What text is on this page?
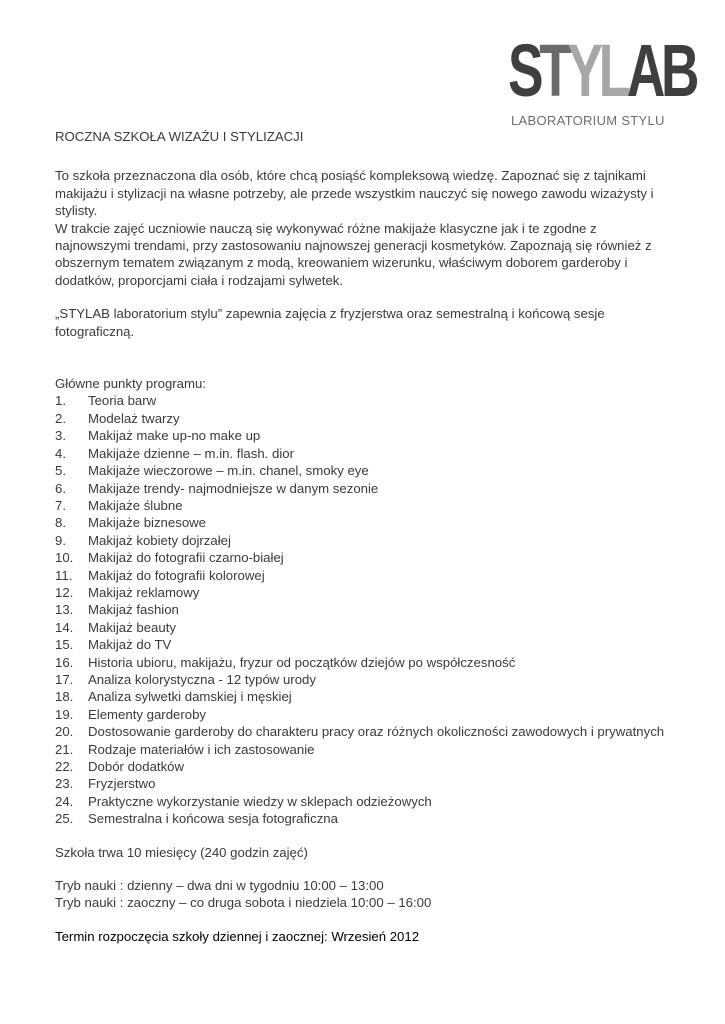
STYLAB
LABORATORIUM STYLU
ROCZNA SZKOŁA WIZAŻU I STYLIZACJI

To szkoła przeznaczona dla osób, które chcą posiąść kompleksową wiedzę. Zapoznać się z tajnikami makijażu i stylizacji na własne potrzeby, ale przede wszystkim nauczyć się nowego zawodu wizażysty i stylisty.

W trakcie zajęć uczniowie nauczą się wykonywać różne makijaże klasyczne jak i te zgodne z najnowszymi trendami, przy zastosowaniu najnowszej generacji kosmetyków. Zapoznają się również z obszernym tematem związanym z modą, kreowaniem wizerunku, właściwym doborem garderoby i dodatków, proporcjami ciała i rodzajami sylwetek.

„STYLAB laboratorium stylu” zapewnia zajęcia z fryzjerstwa oraz semestralną i końcową sesje fotograficzną.

Główne punkty programu:

1.	Teoria barw
2.	Modelaż twarzy
3.	Makijaż make up-no make up
4.	Makijaże dzienne – m.in. flash. dior
5.	Makijaże wieczorowe – m.in. chanel, smoky eye
6.	Makijaże trendy- najmodniejsze w danym sezonie
7.	Makijaże ślubne
8.	Makijaże biznesowe
9.	Makijaż kobiety dojrzałej
10.	Makijaż do fotografii czarno-białej
11.	Makijaż do fotografii kolorowej
12.	Makijaż reklamowy
13.	Makijaż fashion
14.	Makijaż beauty
15.	Makijaż do TV
16.	Historia ubioru, makijażu, fryzur od początków dziejów po współczesność
17.	Analiza kolorystyczna - 12 typów urody
18.	Analiza sylwetki damskiej i męskiej
19.	Elementy garderoby
20.	Dostosowanie garderoby do charakteru pracy oraz różnych okoliczności zawodowych i prywatnych
21.	Rodzaje materiałów i ich zastosowanie
22.	Dobór dodatków
23.	Fryzjerstwo
24.	Praktyczne wykorzystanie wiedzy w sklepach odzieżowych
25.	Semestralna i końcowa sesja fotograficzna

Szkoła trwa 10 miesięcy (240 godzin zajęć)

Tryb nauki : dzienny – dwa dni w tygodniu 10:00 – 13:00

Tryb nauki : zaoczny – co druga sobota i niedziela 10:00 – 16:00

Termin rozpoczęcia szkoły dziennej i zaocznej: Wrzesień 2012
